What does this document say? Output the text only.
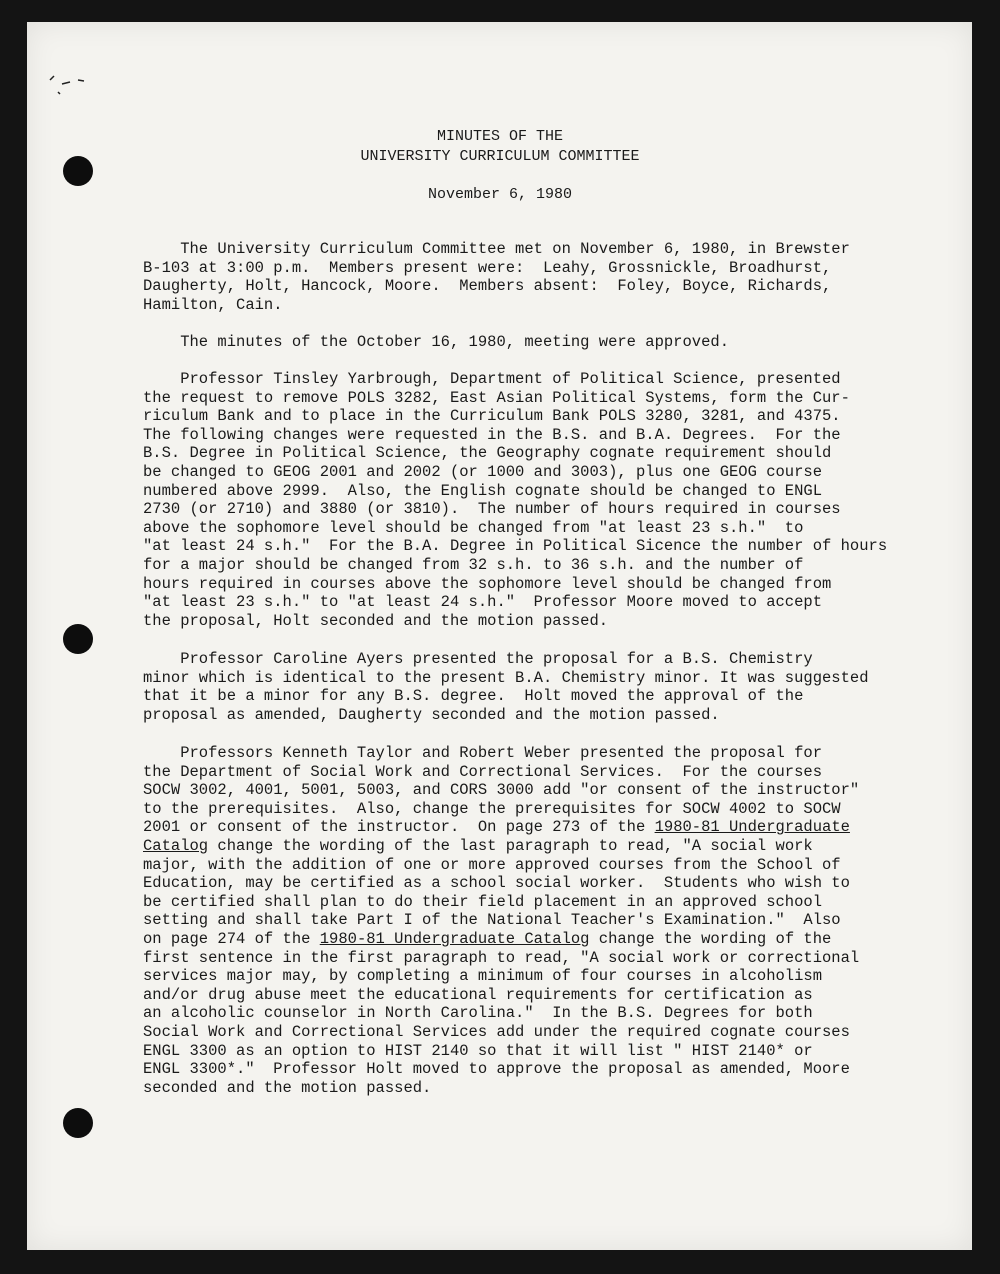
MINUTES OF THE
UNIVERSITY CURRICULUM COMMITTEE
November 6, 1980
The University Curriculum Committee met on November 6, 1980, in Brewster
B-103 at 3:00 p.m.  Members present were:  Leahy, Grossnickle, Broadhurst,
Daugherty, Holt, Hancock, Moore.  Members absent:  Foley, Boyce, Richards,
Hamilton, Cain.
The minutes of the October 16, 1980, meeting were approved.
Professor Tinsley Yarbrough, Department of Political Science, presented
the request to remove POLS 3282, East Asian Political Systems, form the Cur-
riculum Bank and to place in the Curriculum Bank POLS 3280, 3281, and 4375.
The following changes were requested in the B.S. and B.A. Degrees.  For the
B.S. Degree in Political Science, the Geography cognate requirement should
be changed to GEOG 2001 and 2002 (or 1000 and 3003), plus one GEOG course
numbered above 2999.  Also, the English cognate should be changed to ENGL
2730 (or 2710) and 3880 (or 3810).  The number of hours required in courses
above the sophomore level should be changed from "at least 23 s.h."  to
"at least 24 s.h."  For the B.A. Degree in Political Sicence the number of hours
for a major should be changed from 32 s.h. to 36 s.h. and the number of
hours required in courses above the sophomore level should be changed from
"at least 23 s.h." to "at least 24 s.h."  Professor Moore moved to accept
the proposal, Holt seconded and the motion passed.
Professor Caroline Ayers presented the proposal for a B.S. Chemistry
minor which is identical to the present B.A. Chemistry minor. It was suggested
that it be a minor for any B.S. degree.  Holt moved the approval of the
proposal as amended, Daugherty seconded and the motion passed.
Professors Kenneth Taylor and Robert Weber presented the proposal for
the Department of Social Work and Correctional Services.  For the courses
SOCW 3002, 4001, 5001, 5003, and CORS 3000 add "or consent of the instructor"
to the prerequisites.  Also, change the prerequisites for SOCW 4002 to SOCW
2001 or consent of the instructor.  On page 273 of the 1980-81 Undergraduate
Catalog change the wording of the last paragraph to read, "A social work
major, with the addition of one or more approved courses from the School of
Education, may be certified as a school social worker.  Students who wish to
be certified shall plan to do their field placement in an approved school
setting and shall take Part I of the National Teacher's Examination."  Also
on page 274 of the 1980-81 Undergraduate Catalog change the wording of the
first sentence in the first paragraph to read, "A social work or correctional
services major may, by completing a minimum of four courses in alcoholism
and/or drug abuse meet the educational requirements for certification as
an alcoholic counselor in North Carolina."  In the B.S. Degrees for both
Social Work and Correctional Services add under the required cognate courses
ENGL 3300 as an option to HIST 2140 so that it will list " HIST 2140* or
ENGL 3300*."  Professor Holt moved to approve the proposal as amended, Moore
seconded and the motion passed.
